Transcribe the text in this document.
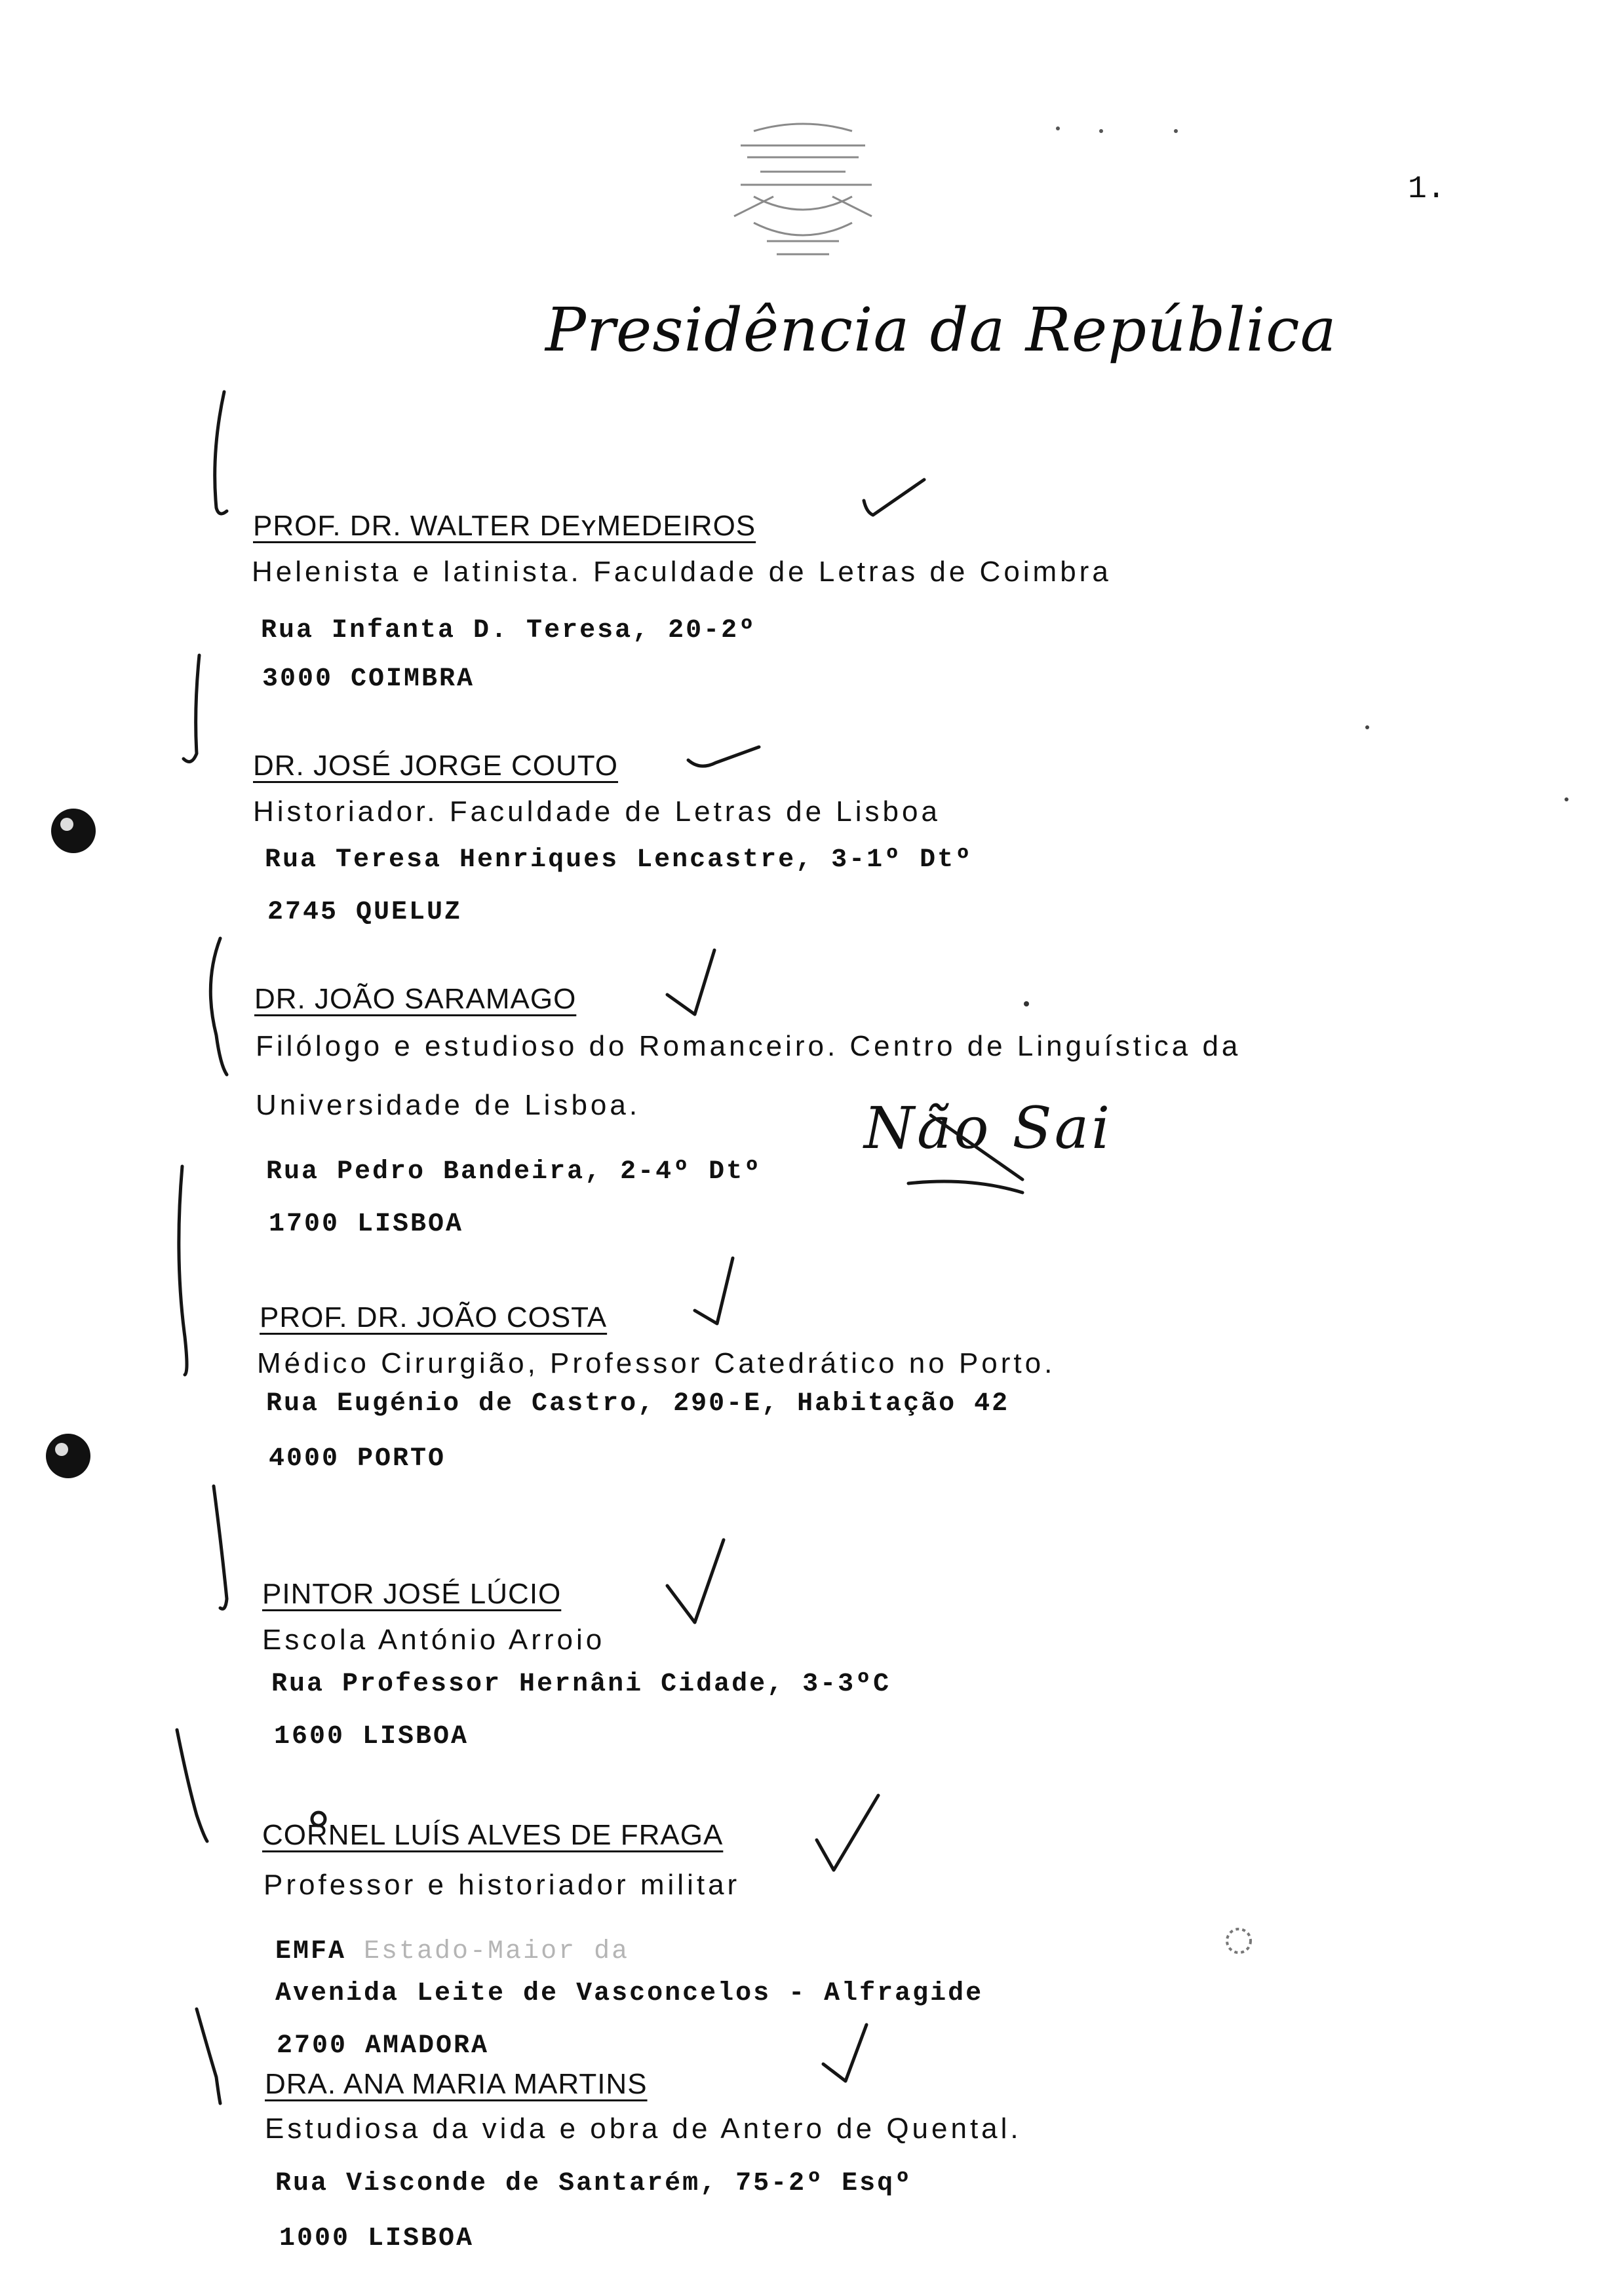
1.
Presidência da República
PROF. DR. WALTER DEʏMEDEIROS
Helenista e latinista. Faculdade de Letras de Coimbra
Rua Infanta D. Teresa, 20-2º
3000 COIMBRA
DR. JOSÉ JORGE COUTO
Historiador. Faculdade de Letras de Lisboa
Rua Teresa Henriques Lencastre, 3-1º Dtº
2745 QUELUZ
DR. JOÃO SARAMAGO
Filólogo e estudioso do Romanceiro. Centro de Linguística da
Universidade de Lisboa.
Rua Pedro Bandeira, 2-4º Dtº
1700 LISBOA
PROF. DR. JOÃO COSTA
Médico Cirurgião, Professor Catedrático no Porto.
Rua Eugénio de Castro, 290-E, Habitação 42
4000 PORTO
PINTOR JOSÉ LÚCIO
Escola António Arroio
Rua Professor Hernâni Cidade, 3-3ºC
1600 LISBOA
CORNEL LUÍS ALVES DE FRAGA
Professor e historiador militar
EMFA Estado-Maior da
Avenida Leite de Vasconcelos - Alfragide
2700 AMADORA
DRA. ANA MARIA MARTINS
Estudiosa da vida e obra de Antero de Quental.
Rua Visconde de Santarém, 75-2º Esqº
1000 LISBOA
Não Sai
